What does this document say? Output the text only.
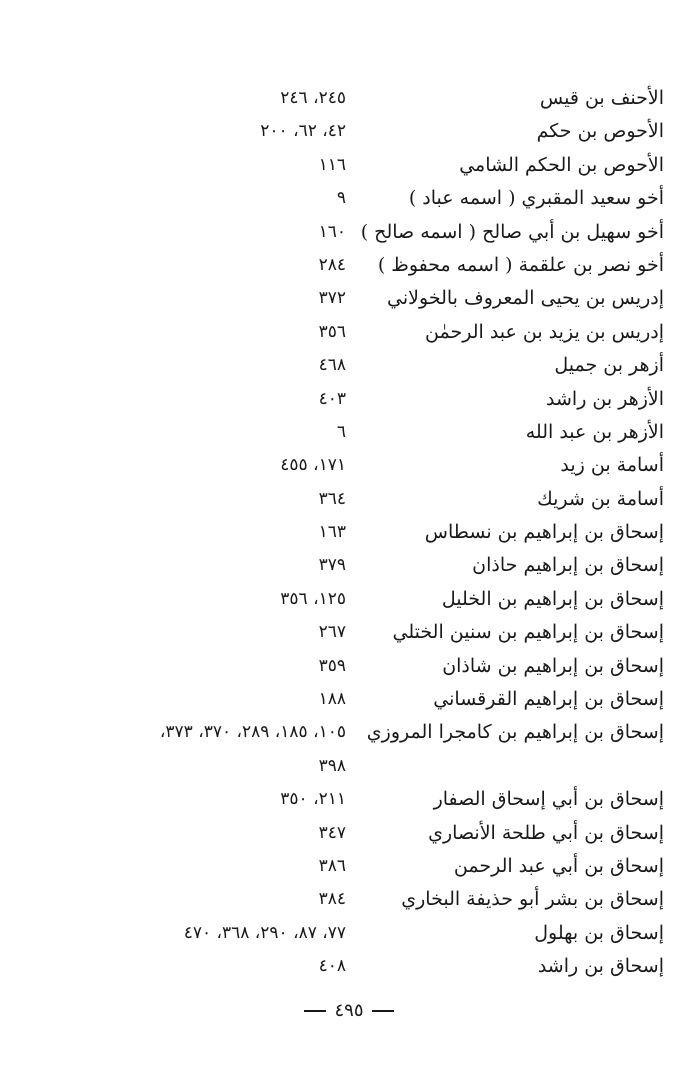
الأحنف بن قيس
٢٤٥، ٢٤٦
الأحوص بن حكم
٤٢، ٦٢، ٢٠٠
الأحوص بن الحكم الشامي
١١٦
أخو سعيد المقبري ( اسمه عباد )
٩
أخو سهيل بن أبي صالح ( اسمه صالح )
١٦٠
أخو نصر بن علقمة ( اسمه محفوظ )
٢٨٤
إدريس بن يحيى المعروف بالخولاني
٣٧٢
إدريس بن يزيد بن عبد الرحمٰن
٣٥٦
أزهر بن جميل
٤٦٨
الأزهر بن راشد
٤٠٣
الأزهر بن عبد الله
٦
أسامة بن زيد
١٧١، ٤٥٥
أسامة بن شريك
٣٦٤
إسحاق بن إبراهيم بن نسطاس
١٦٣
إسحاق بن إبراهيم حاذان
٣٧٩
إسحاق بن إبراهيم بن الخليل
١٢٥، ٣٥٦
إسحاق بن إبراهيم بن سنين الختلي
٢٦٧
إسحاق بن إبراهيم بن شاذان
٣٥٩
إسحاق بن إبراهيم القرقساني
١٨٨
إسحاق بن إبراهيم بن كامجرا المروزي
١٠٥، ١٨٥، ٢٨٩، ٣٧٠، ٣٧٣،
٣٩٨
إسحاق بن أبي إسحاق الصفار
٢١١، ٣٥٠
إسحاق بن أبي طلحة الأنصاري
٣٤٧
إسحاق بن أبي عبد الرحمن
٣٨٦
إسحاق بن بشر أبو حذيفة البخاري
٣٨٤
إسحاق بن بهلول
٧٧، ٨٧، ٢٩٠، ٣٦٨، ٤٧٠
إسحاق بن راشد
٤٠٨
٤٩٥
